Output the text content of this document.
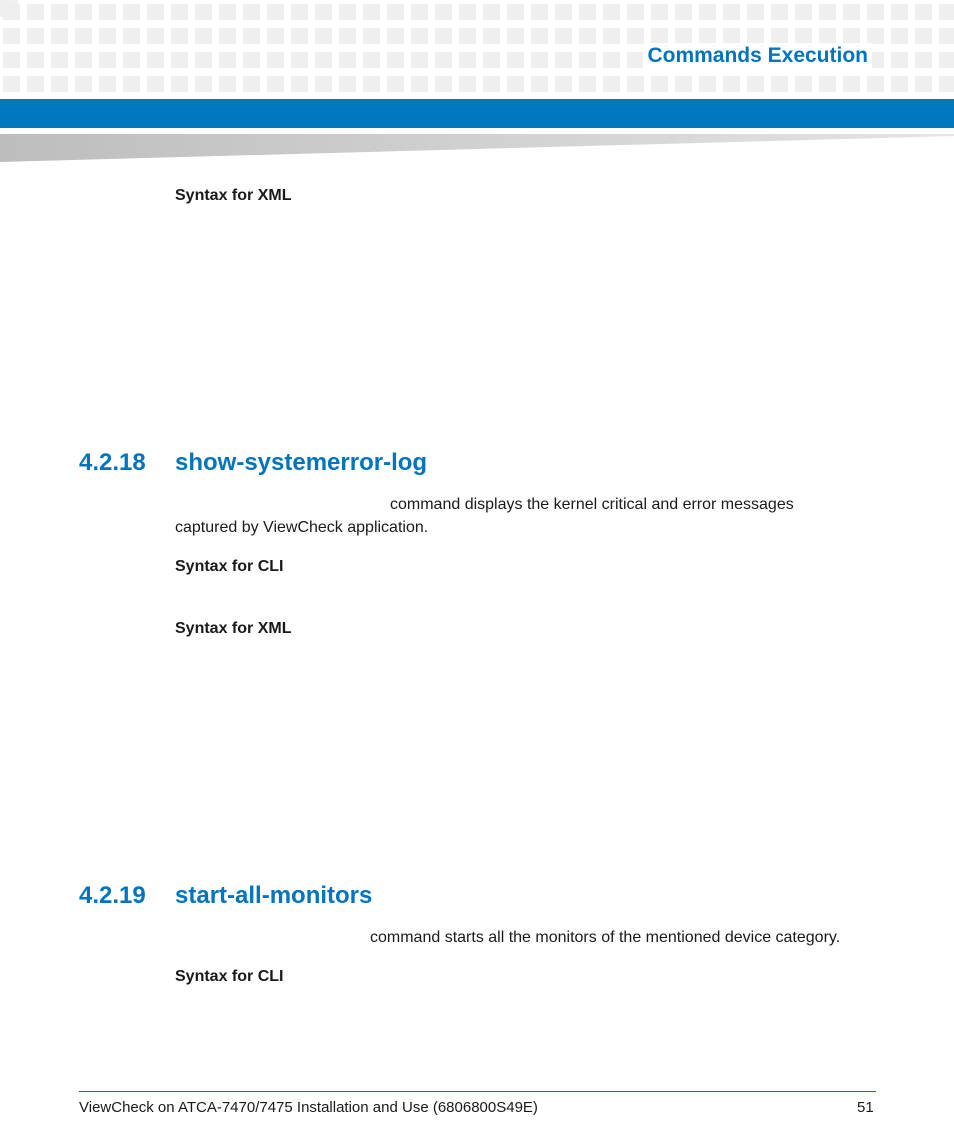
Commands Execution
Syntax for XML
4.2.18 show-systemerror-log
command displays the kernel critical and error messages
captured by ViewCheck application.
Syntax for CLI
Syntax for XML
4.2.19 start-all-monitors
command starts all the monitors of the mentioned device category.
Syntax for CLI
ViewCheck on ATCA-7470/7475 Installation and Use (6806800S49E)	51
